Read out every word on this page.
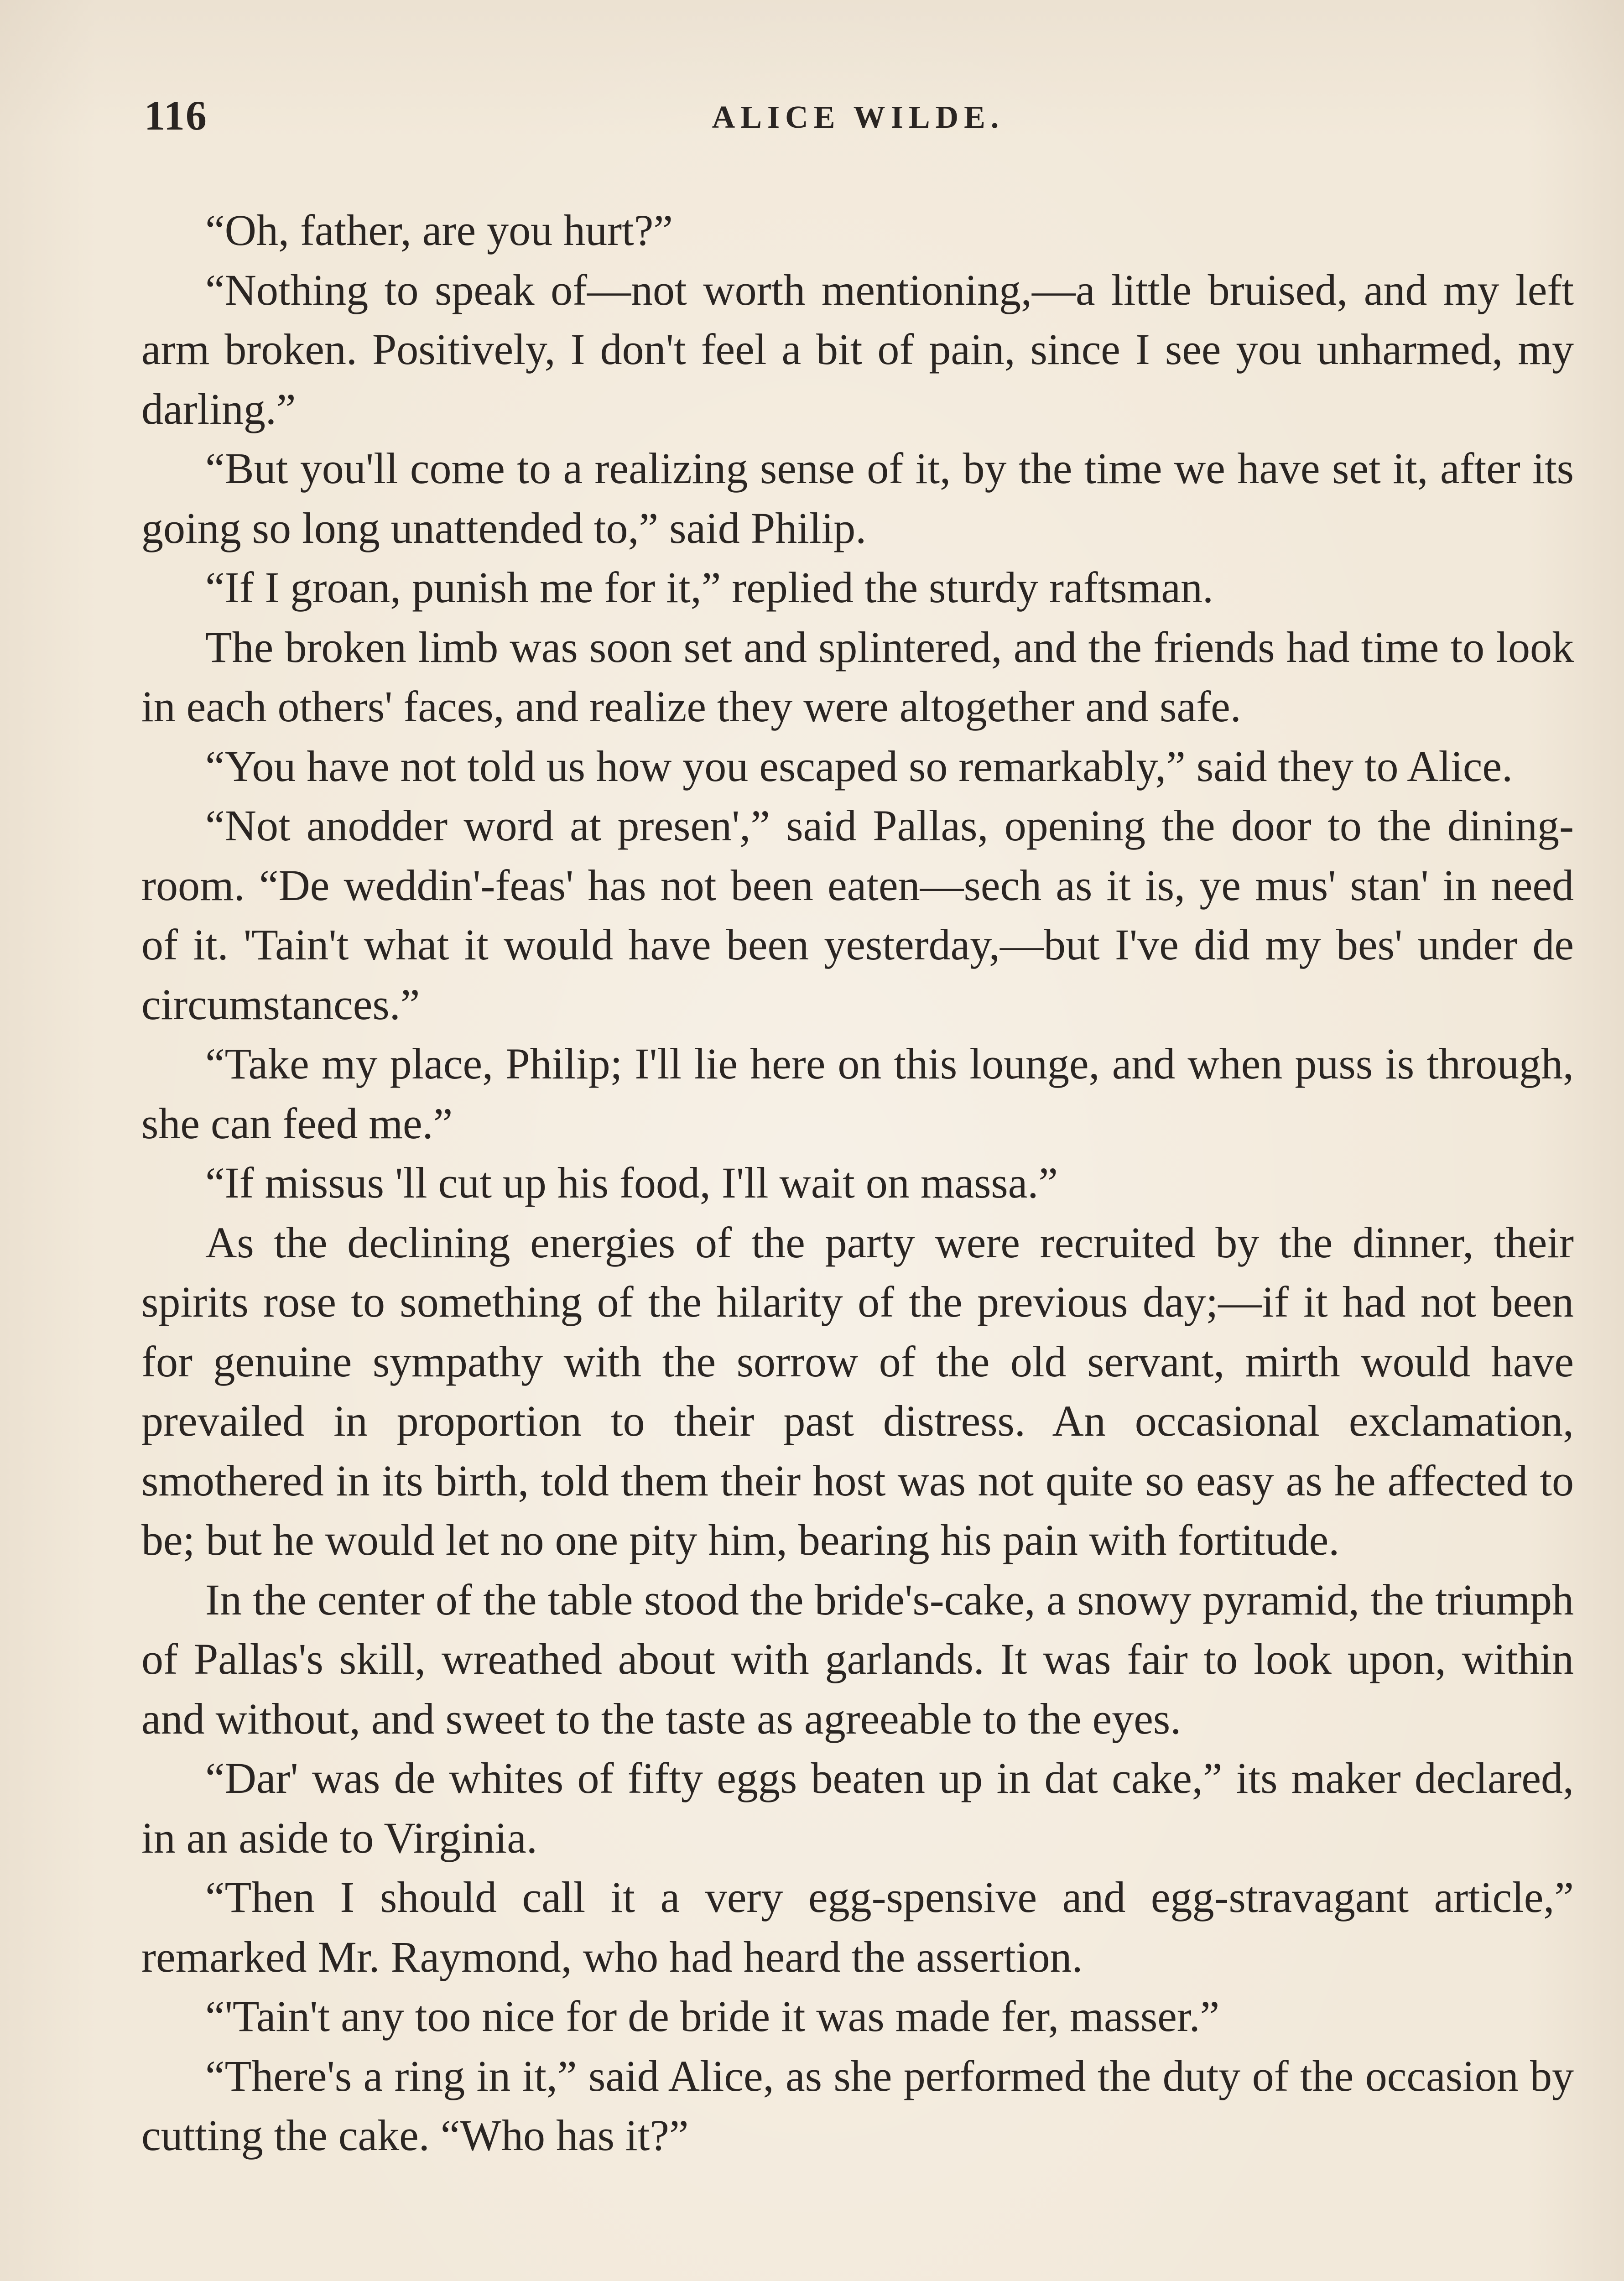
116	ALICE WILDE.

“Oh, father, are you hurt?”

“Nothing to speak of—not worth mentioning,—a little bruised, and my left arm broken. Positively, I don't feel a bit of pain, since I see you unharmed, my darling.”

“But you'll come to a realizing sense of it, by the time we have set it, after its going so long unattended to,” said Philip.

“If I groan, punish me for it,” replied the sturdy raftsman.

The broken limb was soon set and splintered, and the friends had time to look in each others' faces, and realize they were altogether and safe.

“You have not told us how you escaped so remarkably,” said they to Alice.

“Not anodder word at presen',” said Pallas, opening the door to the dining-room. “De weddin'-feas' has not been eaten—sech as it is, ye mus' stan' in need of it. 'Tain't what it would have been yesterday,—but I've did my bes' under de circumstances.”

“Take my place, Philip; I'll lie here on this lounge, and when puss is through, she can feed me.”

“If missus 'll cut up his food, I'll wait on massa.”

As the declining energies of the party were recruited by the dinner, their spirits rose to something of the hilarity of the previous day;—if it had not been for genuine sympathy with the sorrow of the old servant, mirth would have prevailed in proportion to their past distress. An occasional exclamation, smothered in its birth, told them their host was not quite so easy as he affected to be; but he would let no one pity him, bearing his pain with fortitude.

In the center of the table stood the bride's-cake, a snowy pyramid, the triumph of Pallas's skill, wreathed about with garlands. It was fair to look upon, within and without, and sweet to the taste as agreeable to the eyes.

“Dar' was de whites of fifty eggs beaten up in dat cake,” its maker declared, in an aside to Virginia.

“Then I should call it a very egg-spensive and egg-stravagant article,” remarked Mr. Raymond, who had heard the assertion.

“'Tain't any too nice for de bride it was made fer, masser.”

“There's a ring in it,” said Alice, as she performed the duty of the occasion by cutting the cake. “Who has it?”
